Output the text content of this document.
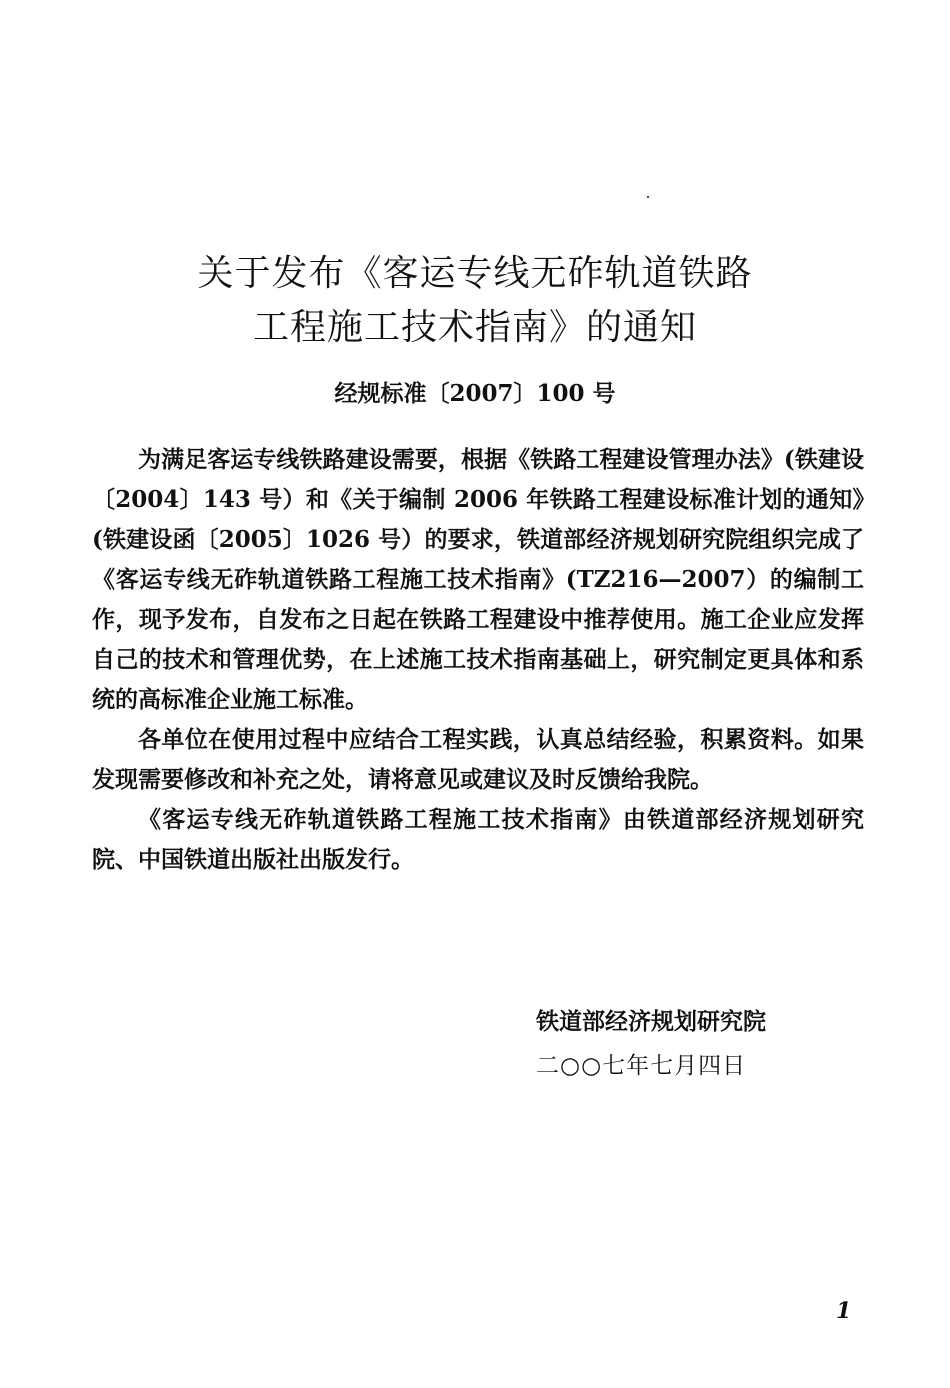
关于发布《客运专线无砟轨道铁路
工程施工技术指南》的通知
经规标准〔2007〕100 号

为满足客运专线铁路建设需要，根据《铁路工程建设管理办法》(铁建设〔2004〕143 号）和《关于编制 2006 年铁路工程建设标准计划的通知》(铁建设函〔2005〕1026 号）的要求，铁道部经济规划研究院组织完成了《客运专线无砟轨道铁路工程施工技术指南》(TZ216—2007）的编制工作，现予发布，自发布之日起在铁路工程建设中推荐使用。施工企业应发挥自己的技术和管理优势，在上述施工技术指南基础上，研究制定更具体和系统的高标准企业施工标准。

各单位在使用过程中应结合工程实践，认真总结经验，积累资料。如果发现需要修改和补充之处，请将意见或建议及时反馈给我院。

《客运专线无砟轨道铁路工程施工技术指南》由铁道部经济规划研究院、中国铁道出版社出版发行。

铁道部经济规划研究院
二○○七年七月四日
1
